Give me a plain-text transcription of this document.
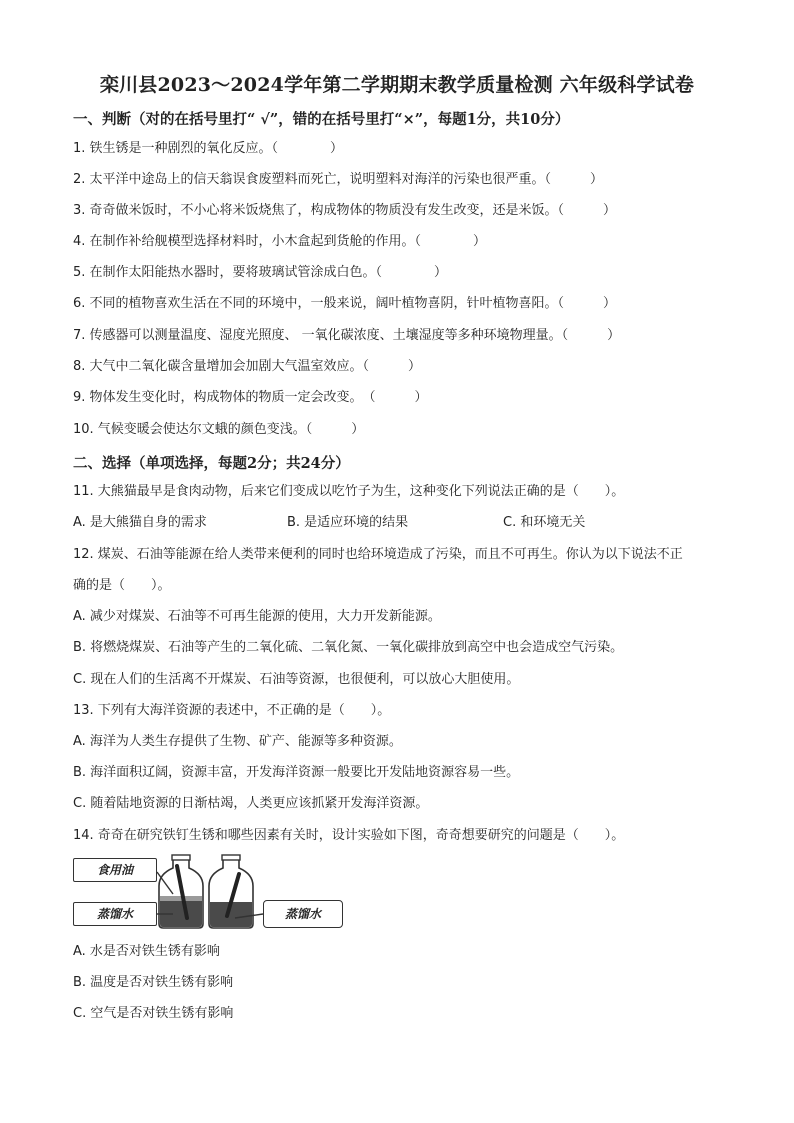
栾川县2023～2024学年第二学期期末教学质量检测 六年级科学试卷
一、判断（对的在括号里打“ √”，错的在括号里打“×”，每题1分，共10分）
1. 铁生锈是一种剧烈的氧化反应。（　　　　）
2. 太平洋中途岛上的信天翁误食废塑料而死亡，说明塑料对海洋的污染也很严重。（　　　）
3. 奇奇做米饭时，不小心将米饭烧焦了，构成物体的物质没有发生改变，还是米饭。（　　　）
4. 在制作补给舰模型选择材料时，小木盒起到货舱的作用。（　　　　）
5. 在制作太阳能热水器时，要将玻璃试管涂成白色。（　　　　）
6. 不同的植物喜欢生活在不同的环境中，一般来说，阔叶植物喜阴，针叶植物喜阳。（　　　）
7. 传感器可以测量温度、湿度光照度、 一氧化碳浓度、土壤湿度等多种环境物理量。（　　　）
8. 大气中二氧化碳含量增加会加剧大气温室效应。（　　　）
9. 物体发生变化时，构成物体的物质一定会改变。　（　　　）
10. 气候变暖会使达尔文蛾的颜色变浅。（　　　）
二、选择（单项选择，每题2分；共24分）
11. 大熊猫最早是食肉动物，后来它们变成以吃竹子为生，这种变化下列说法正确的是（　　）。
A. 是大熊猫自身的需求	B. 是适应环境的结果	C. 和环境无关
12. 煤炭、石油等能源在给人类带来便利的同时也给环境造成了污染，而且不可再生。你认为以下说法不正
确的是（　　）。
A. 减少对煤炭、石油等不可再生能源的使用，大力开发新能源。
B. 将燃烧煤炭、石油等产生的二氧化硫、二氧化氮、一氧化碳排放到高空中也会造成空气污染。
C. 现在人们的生活离不开煤炭、石油等资源，也很便利，可以放心大胆使用。
13. 下列有大海洋资源的表述中，不正确的是（　　）。
A. 海洋为人类生存提供了生物、矿产、能源等多种资源。
B. 海洋面积辽阔，资源丰富，开发海洋资源一般要比开发陆地资源容易一些。
C. 随着陆地资源的日渐枯竭，人类更应该抓紧开发海洋资源。
14. 奇奇在研究铁钉生锈和哪些因素有关时，设计实验如下图，奇奇想要研究的问题是（　　）。
食用油
蒸馏水	蒸馏水
A. 水是否对铁生锈有影响
B. 温度是否对铁生锈有影响
C. 空气是否对铁生锈有影响
